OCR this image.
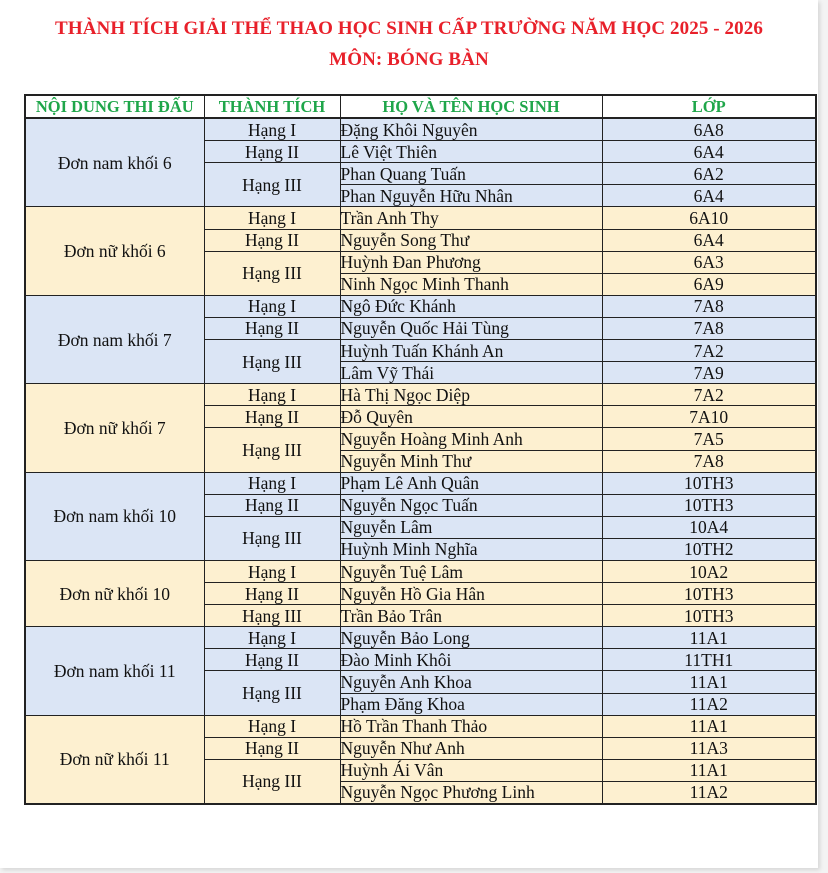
THÀNH TÍCH GIẢI THỂ THAO HỌC SINH CẤP TRƯỜNG NĂM HỌC 2025 - 2026
MÔN: BÓNG BÀN
NỘI DUNG THI ĐẤU	THÀNH TÍCH	HỌ VÀ TÊN HỌC SINH	LỚP
Đơn nam khối 6	Hạng I	Đặng Khôi Nguyên	6A8
	Hạng II	Lê Việt Thiên	6A4
	Hạng III	Phan Quang Tuấn	6A2
		Phan Nguyễn Hữu Nhân	6A4
Đơn nữ khối 6	Hạng I	Trần Anh Thy	6A10
	Hạng II	Nguyễn Song Thư	6A4
	Hạng III	Huỳnh Đan Phương	6A3
		Ninh Ngọc Minh Thanh	6A9
Đơn nam khối 7	Hạng I	Ngô Đức Khánh	7A8
	Hạng II	Nguyễn Quốc Hải Tùng	7A8
	Hạng III	Huỳnh Tuấn Khánh An	7A2
		Lâm Vỹ Thái	7A9
Đơn nữ khối 7	Hạng I	Hà Thị Ngọc Diệp	7A2
	Hạng II	Đỗ Quyên	7A10
	Hạng III	Nguyễn Hoàng Minh Anh	7A5
		Nguyễn Minh Thư	7A8
Đơn nam khối 10	Hạng I	Phạm Lê Anh Quân	10TH3
	Hạng II	Nguyễn Ngọc Tuấn	10TH3
	Hạng III	Nguyễn Lâm	10A4
		Huỳnh Minh Nghĩa	10TH2
Đơn nữ khối 10	Hạng I	Nguyễn Tuệ Lâm	10A2
	Hạng II	Nguyễn Hồ Gia Hân	10TH3
	Hạng III	Trần Bảo Trân	10TH3
Đơn nam khối 11	Hạng I	Nguyễn Bảo Long	11A1
	Hạng II	Đào Minh Khôi	11TH1
	Hạng III	Nguyễn Anh Khoa	11A1
		Phạm Đăng Khoa	11A2
Đơn nữ khối 11	Hạng I	Hồ Trần Thanh Thảo	11A1
	Hạng II	Nguyễn Như Anh	11A3
	Hạng III	Huỳnh Ái Vân	11A1
		Nguyễn Ngọc Phương Linh	11A2
